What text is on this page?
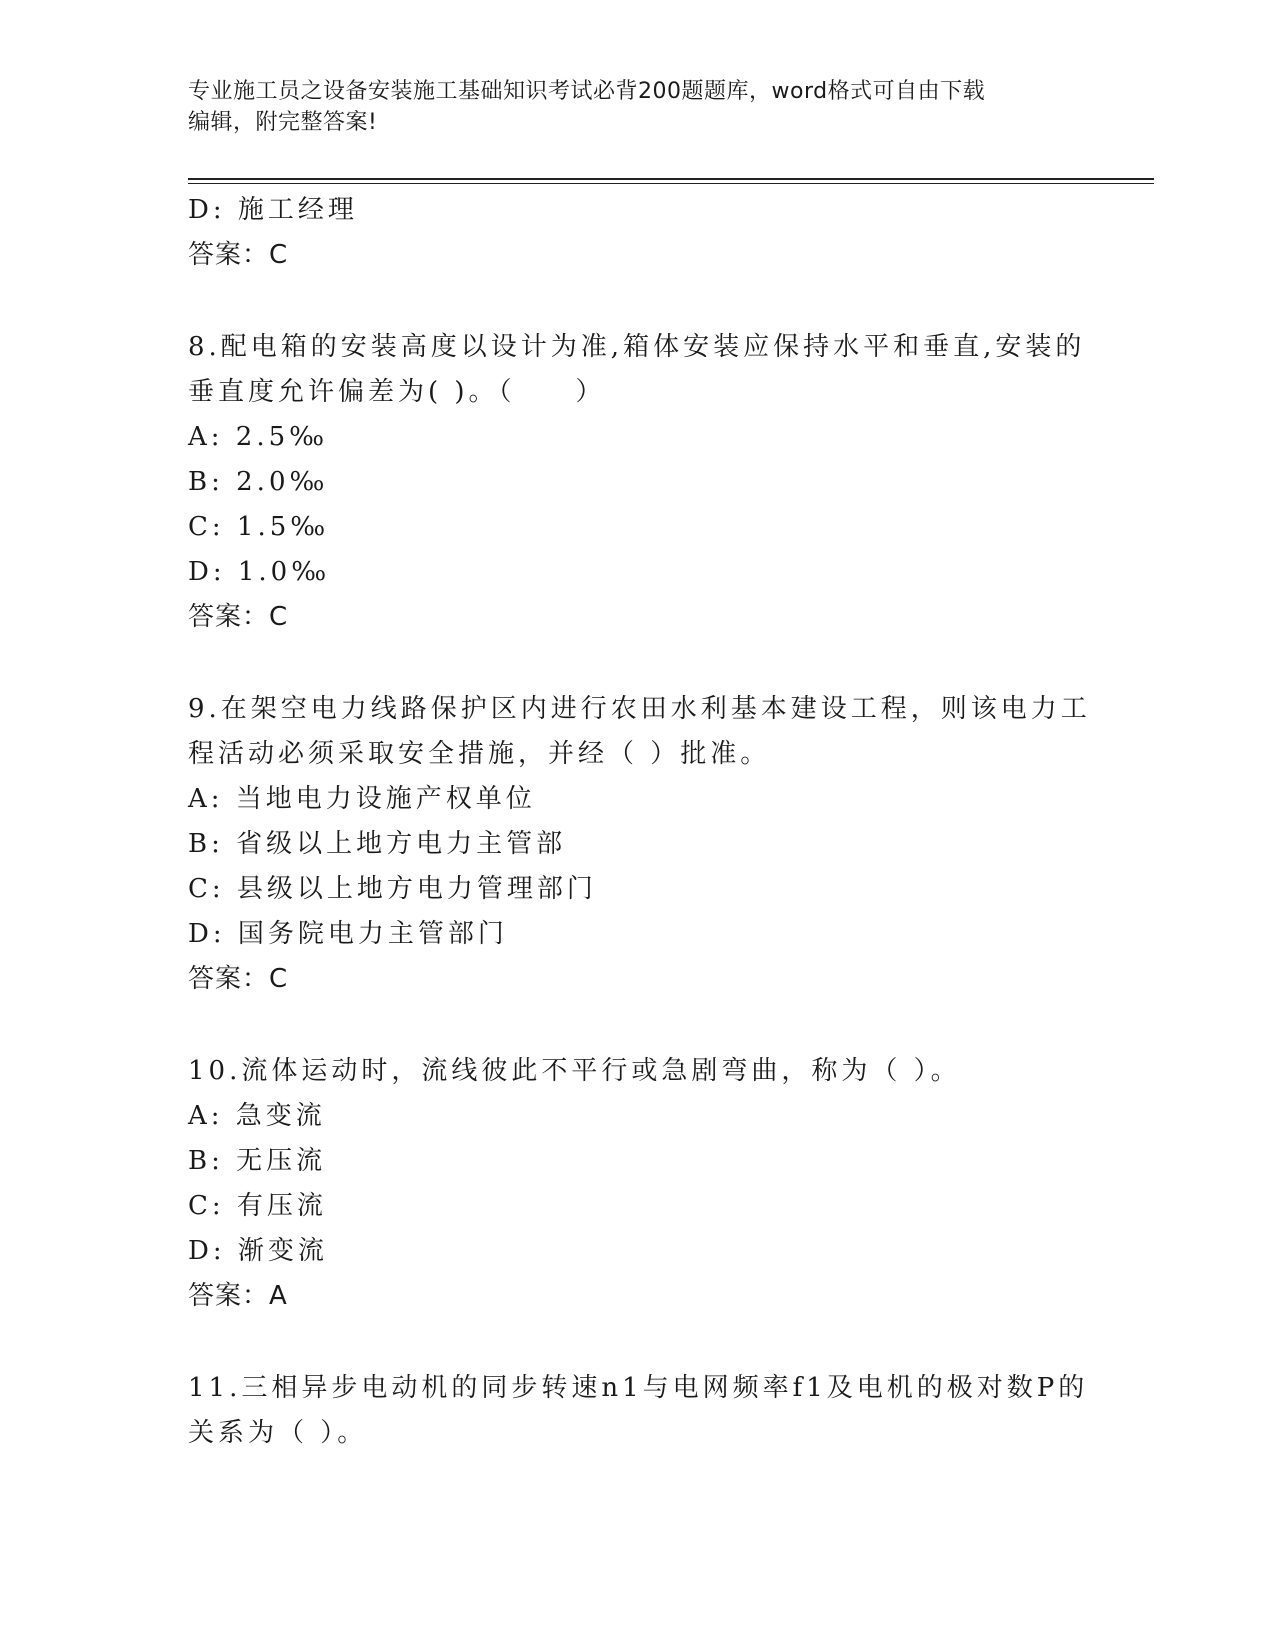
专业施工员之设备安装施工基础知识考试必背200题题库，word格式可自由下载
编辑，附完整答案!
D: 施工经理
答案：C
8.配电箱的安装高度以设计为准,箱体安装应保持水平和垂直,安装的
垂直度允许偏差为( )。（　　）
A: 2.5‰
B: 2.0‰
C: 1.5‰
D: 1.0‰
答案：C
9.在架空电力线路保护区内进行农田水利基本建设工程，则该电力工
程活动必须采取安全措施，并经（ ）批准。
A: 当地电力设施产权单位
B: 省级以上地方电力主管部
C: 县级以上地方电力管理部门
D: 国务院电力主管部门
答案：C
10.流体运动时，流线彼此不平行或急剧弯曲，称为（ ）。
A: 急变流
B: 无压流
C: 有压流
D: 渐变流
答案：A
11.三相异步电动机的同步转速n1与电网频率f1及电机的极对数P的
关系为（ ）。
